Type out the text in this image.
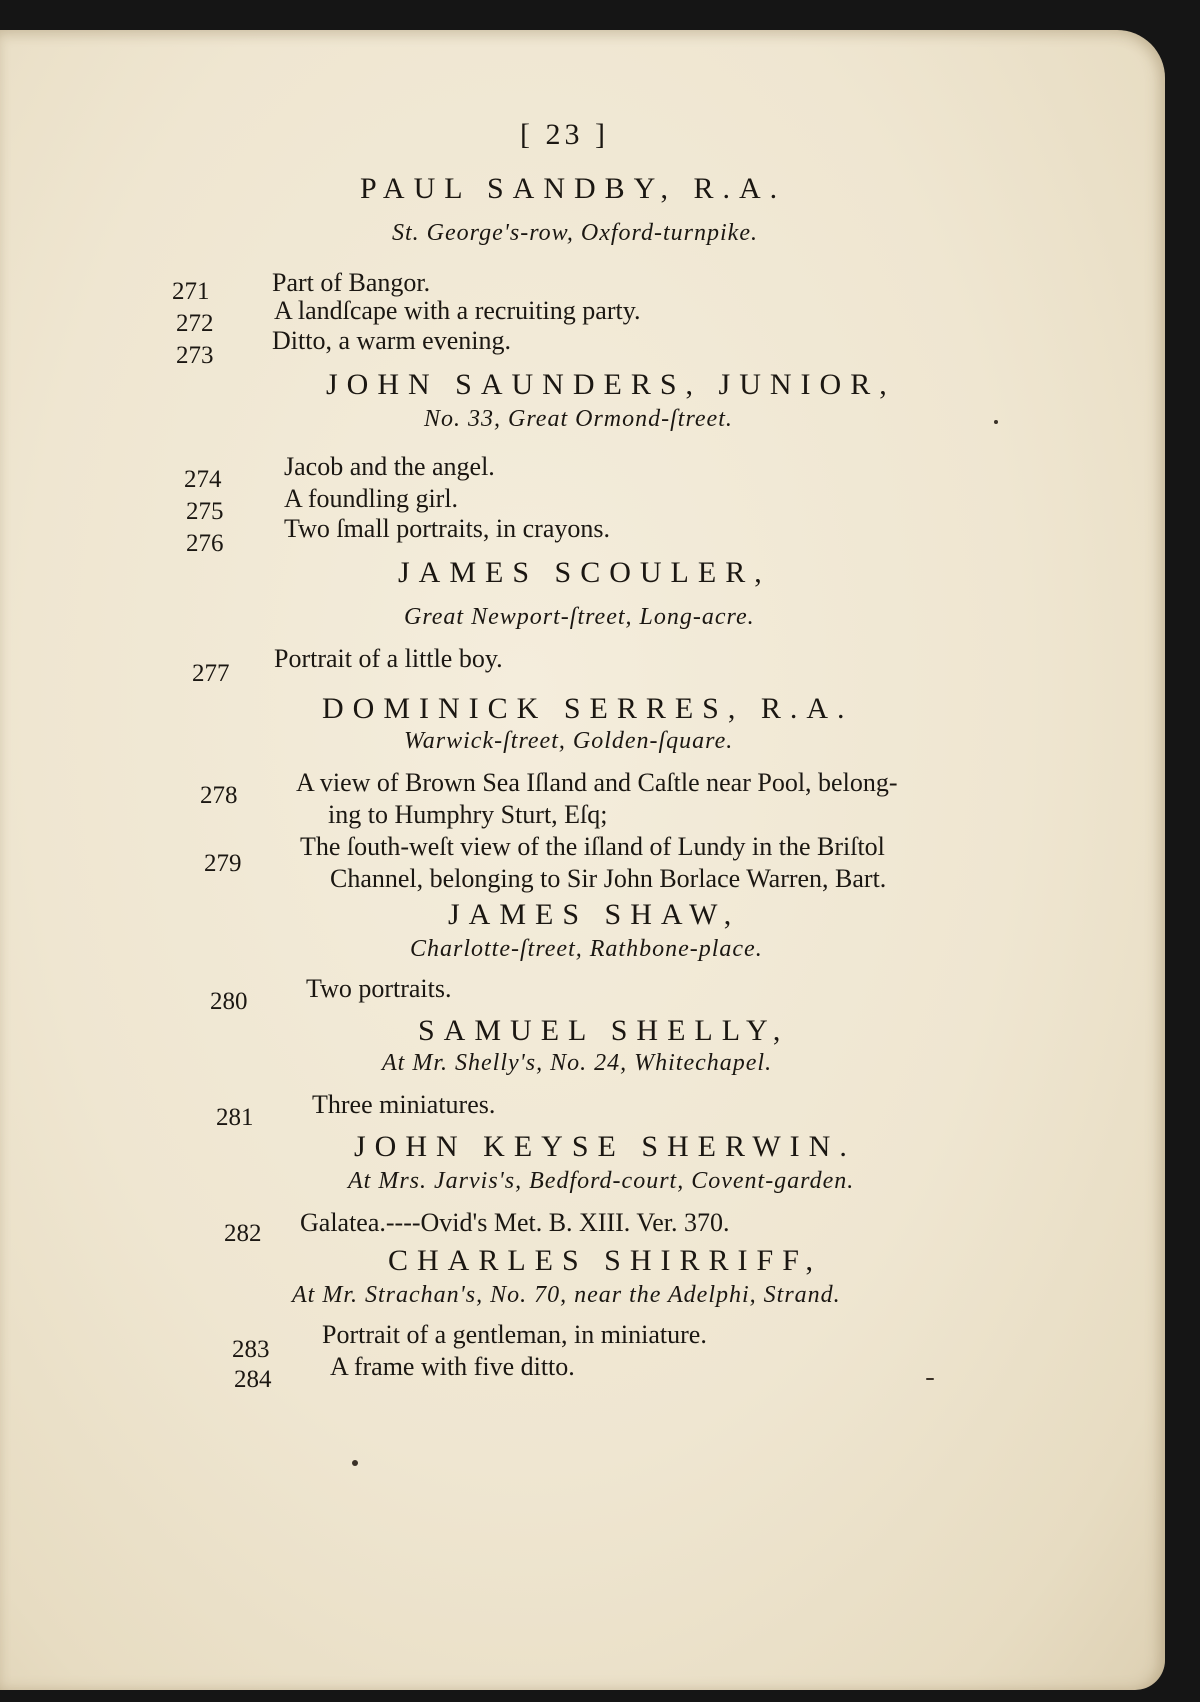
[ 23 ]
PAUL SANDBY, R.A.
St. George's-row, Oxford-turnpike.
271 Part of Bangor.
272 A landſcape with a recruiting party.
273
Ditto, a warm evening.
JOHN SAUNDERS, JUNIOR,
No. 33, Great Ormond-ſtreet.
274 Jacob and the angel.
275 A foundling girl.
276
Two ſmall portraits, in crayons.
JAMES SCOULER,
Great Newport-ſtreet, Long-acre.
277
Portrait of a little boy.
DOMINICK SERRES, R.A.
Warwick-ſtreet, Golden-ſquare.
278 A view of Brown Sea Iſland and Caſtle near Pool, belong-
ing to Humphry Sturt, Eſq;
279
The ſouth-weſt view of the iſland of Lundy in the Briſtol
Channel, belonging to Sir John Borlace Warren, Bart.
JAMES SHAW,
Charlotte-ſtreet, Rathbone-place.
280 Two portraits.
SAMUEL SHELLY,
At Mr. Shelly's, No. 24, Whitechapel.
281 Three miniatures.
JOHN KEYSE SHERWIN.
At Mrs. Jarvis's, Bedford-court, Covent-garden.
282 Galatea.----Ovid's Met. B. XIII. Ver. 370.
CHARLES SHIRRIFF,
At Mr. Strachan's, No. 70, near the Adelphi, Strand.
283
Portrait of a gentleman, in miniature.
284 A frame with five ditto.
